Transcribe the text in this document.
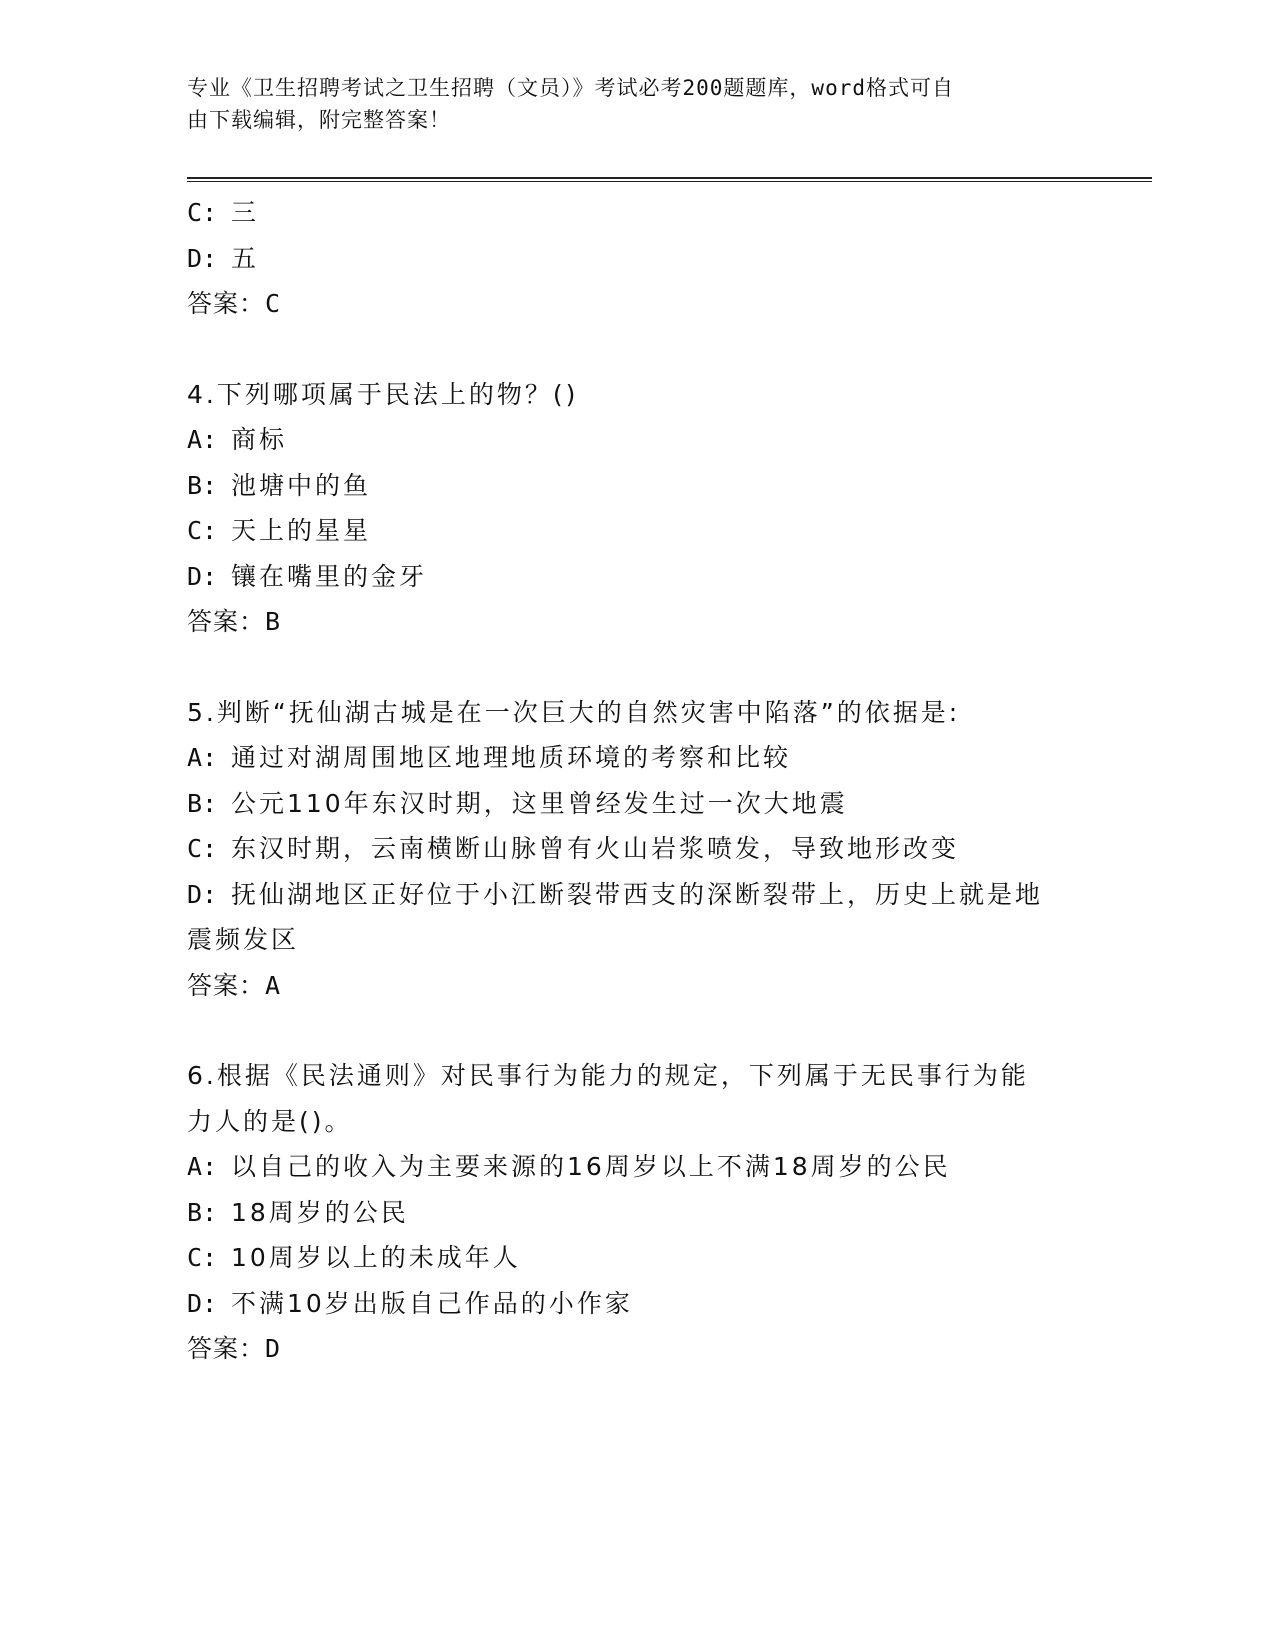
专业《卫生招聘考试之卫生招聘（文员）》考试必考200题题库，word格式可自
由下载编辑，附完整答案！
C: 三
D: 五
答案：C
4.下列哪项属于民法上的物？()
A: 商标
B: 池塘中的鱼
C: 天上的星星
D: 镶在嘴里的金牙
答案：B
5.判断“抚仙湖古城是在一次巨大的自然灾害中陷落”的依据是:
A: 通过对湖周围地区地理地质环境的考察和比较
B: 公元110年东汉时期，这里曾经发生过一次大地震
C: 东汉时期，云南横断山脉曾有火山岩浆喷发，导致地形改变
D: 抚仙湖地区正好位于小江断裂带西支的深断裂带上，历史上就是地
震频发区
答案：A
6.根据《民法通则》对民事行为能力的规定，下列属于无民事行为能
力人的是()。
A: 以自己的收入为主要来源的16周岁以上不满18周岁的公民
B: 18周岁的公民
C: 10周岁以上的未成年人
D: 不满10岁出版自己作品的小作家
答案：D
